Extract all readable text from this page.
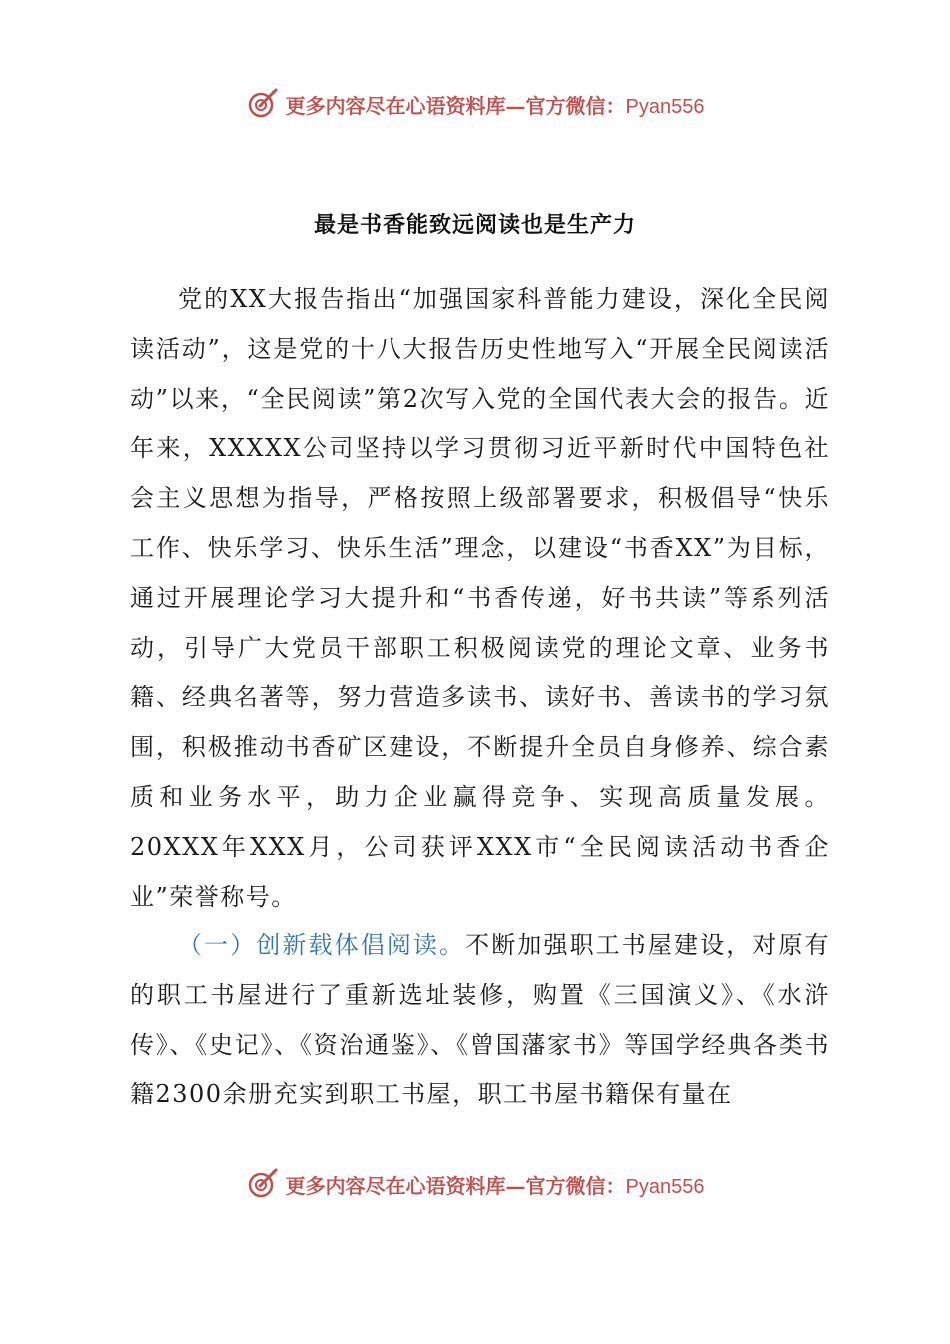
更多内容尽在心语资料库—官方微信：Pyan556
最是书香能致远阅读也是生产力

党的XX大报告指出“加强国家科普能力建设，深化全民阅读活动”，这是党的十八大报告历史性地写入“开展全民阅读活动”以来，“全民阅读”第2次写入党的全国代表大会的报告。近年来，XXXXX公司坚持以学习贯彻习近平新时代中国特色社会主义思想为指导，严格按照上级部署要求，积极倡导“快乐工作、快乐学习、快乐生活”理念，以建设“书香XX”为目标，通过开展理论学习大提升和“书香传递，好书共读”等系列活动，引导广大党员干部职工积极阅读党的理论文章、业务书籍、经典名著等，努力营造多读书、读好书、善读书的学习氛围，积极推动书香矿区建设，不断提升全员自身修养、综合素质和业务水平，助力企业赢得竞争、实现高质量发展。20XXX年XXX月，公司获评XXX市“全民阅读活动书香企业”荣誉称号。

（一）创新载体倡阅读。不断加强职工书屋建设，对原有的职工书屋进行了重新选址装修，购置《三国演义》、《水浒传》、《史记》、《资治通鉴》、《曾国藩家书》等国学经典各类书籍2300余册充实到职工书屋，职工书屋书籍保有量在

更多内容尽在心语资料库—官方微信：Pyan556
